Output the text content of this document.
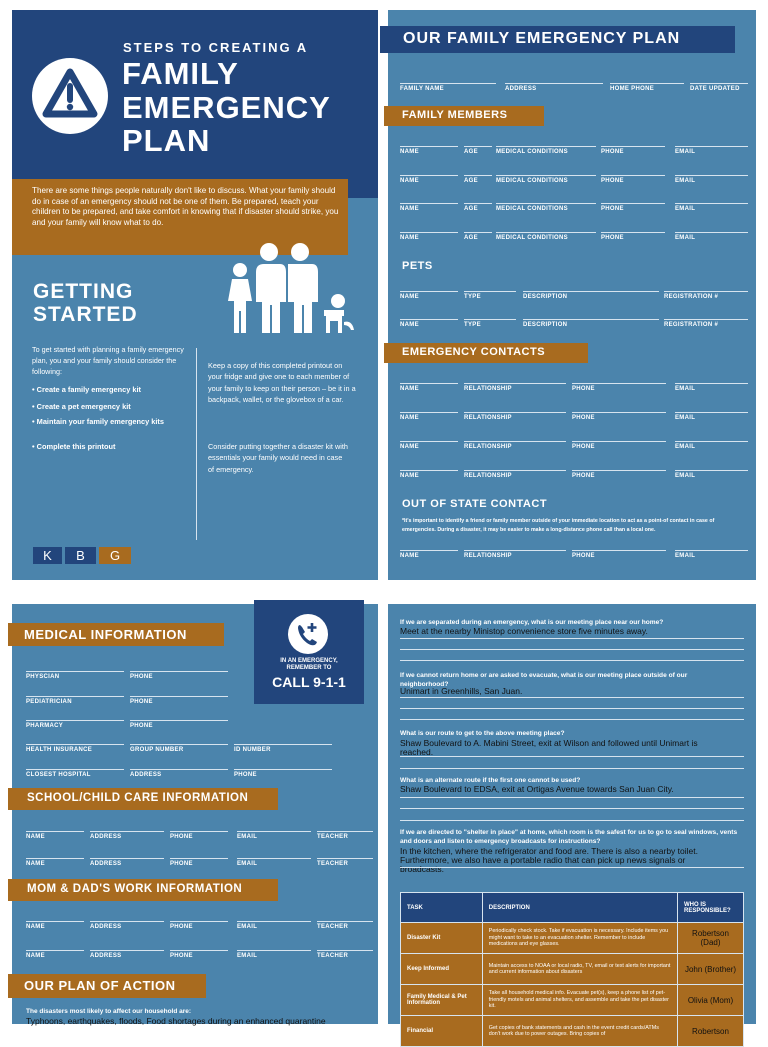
STEPS TO CREATING A
FAMILY
EMERGENCY
PLAN
There are some things people naturally don't like to discuss. What your family should do in case of an emergency should not be one of them. Be prepared, teach your children to be prepared, and take comfort in knowing that if disaster should strike, you and your family will know what to do.
GETTING
STARTED
To get started with planning a family emergency plan, you and your family should consider the following:
• Create a family emergency kit
• Create a pet emergency kit
• Maintain your family emergency kits
• Complete this printout
Keep a copy of this completed printout on your fridge and give one to each member of your family to keep on their person – be it in a backpack, wallet, or the glovebox of a car.
Consider putting together a disaster kit with essentials your family would need in case of emergency.
K	B	G
OUR FAMILY EMERGENCY PLAN
FAMILY NAME	ADDRESS	HOME PHONE	DATE UPDATED
FAMILY MEMBERS
NAME	AGE	MEDICAL CONDITIONS	PHONE	EMAIL
NAME	AGE	MEDICAL CONDITIONS	PHONE	EMAIL
NAME	AGE	MEDICAL CONDITIONS	PHONE	EMAIL
NAME	AGE	MEDICAL CONDITIONS	PHONE	EMAIL
PETS
NAME	TYPE	DESCRIPTION	REGISTRATION #
NAME	TYPE	DESCRIPTION	REGISTRATION #
EMERGENCY CONTACTS
NAME	RELATIONSHIP	PHONE	EMAIL
NAME	RELATIONSHIP	PHONE	EMAIL
NAME	RELATIONSHIP	PHONE	EMAIL
NAME	RELATIONSHIP	PHONE	EMAIL
OUT OF STATE CONTACT
*It's important to identify a friend or family member outside of your immediate location to act as a point-of contact in case of emergencies. During a disaster, it may be easier to make a long-distance phone call than a local one.
NAME	RELATIONSHIP	PHONE	EMAIL
MEDICAL INFORMATION
IN AN EMERGENCY, REMEMBER TO
CALL 9-1-1
PHYSCIAN	PHONE
PEDIATRICIAN	PHONE
PHARMACY	PHONE
HEALTH INSURANCE	GROUP NUMBER	ID NUMBER
CLOSEST HOSPITAL	ADDRESS	PHONE
SCHOOL/CHILD CARE INFORMATION
NAME	ADDRESS	PHONE	EMAIL	TEACHER
NAME	ADDRESS	PHONE	EMAIL	TEACHER
MOM & DAD'S WORK INFORMATION
NAME	ADDRESS	PHONE	EMAIL	TEACHER
NAME	ADDRESS	PHONE	EMAIL	TEACHER
OUR PLAN OF ACTION
The disasters most likely to affect our household are:
Typhoons, earthquakes, floods, Food shortages during an enhanced quarantine
If we are separated during an emergency, what is our meeting place near our home?
Meet at the nearby Ministop convenience store five minutes away.
If we cannot return home or are asked to evacuate, what is our meeting place outside of our neighborhood?
Unimart in Greenhills, San Juan.
What is our route to get to the above meeting place?
Shaw Boulevard to A. Mabini Street, exit at Wilson and followed until Unimart is reached.
What is an alternate route if the first one cannot be used?
Shaw Boulevard to EDSA, exit at Ortigas Avenue towards San Juan City.
If we are directed to "shelter in place" at home, which room is the safest for us to go to seal windows, vents and doors and listen to emergency broadcasts for instructions?
In the kitchen, where the refrigerator and food are. There is also a nearby toilet. Furthermore, we also have a portable radio that can pick up news signals or broadcasts.
TASK	DESCRIPTION	WHO IS RESPONSIBLE?
Disaster Kit	Periodically check stock. Take if evacuation is necessary. Include items you might want to take to an evacuation shelter. Remember to include medications and eye glasses.	Robertson (Dad)
Keep Informed	Maintain access to NOAA or local radio, TV, email or text alerts for important and current information about disasters	John (Brother)
Family Medical & Pet Information	Take all household medical info. Evacuate pet(s), keep a phone list of pet-friendly motels and animal shelters, and assemble and take the pet disaster kit.	Olivia (Mom)
Financial	Get copies of bank statements and cash in the event credit cards/ATMs don't work due to power outages. Bring copies of	Robertson
